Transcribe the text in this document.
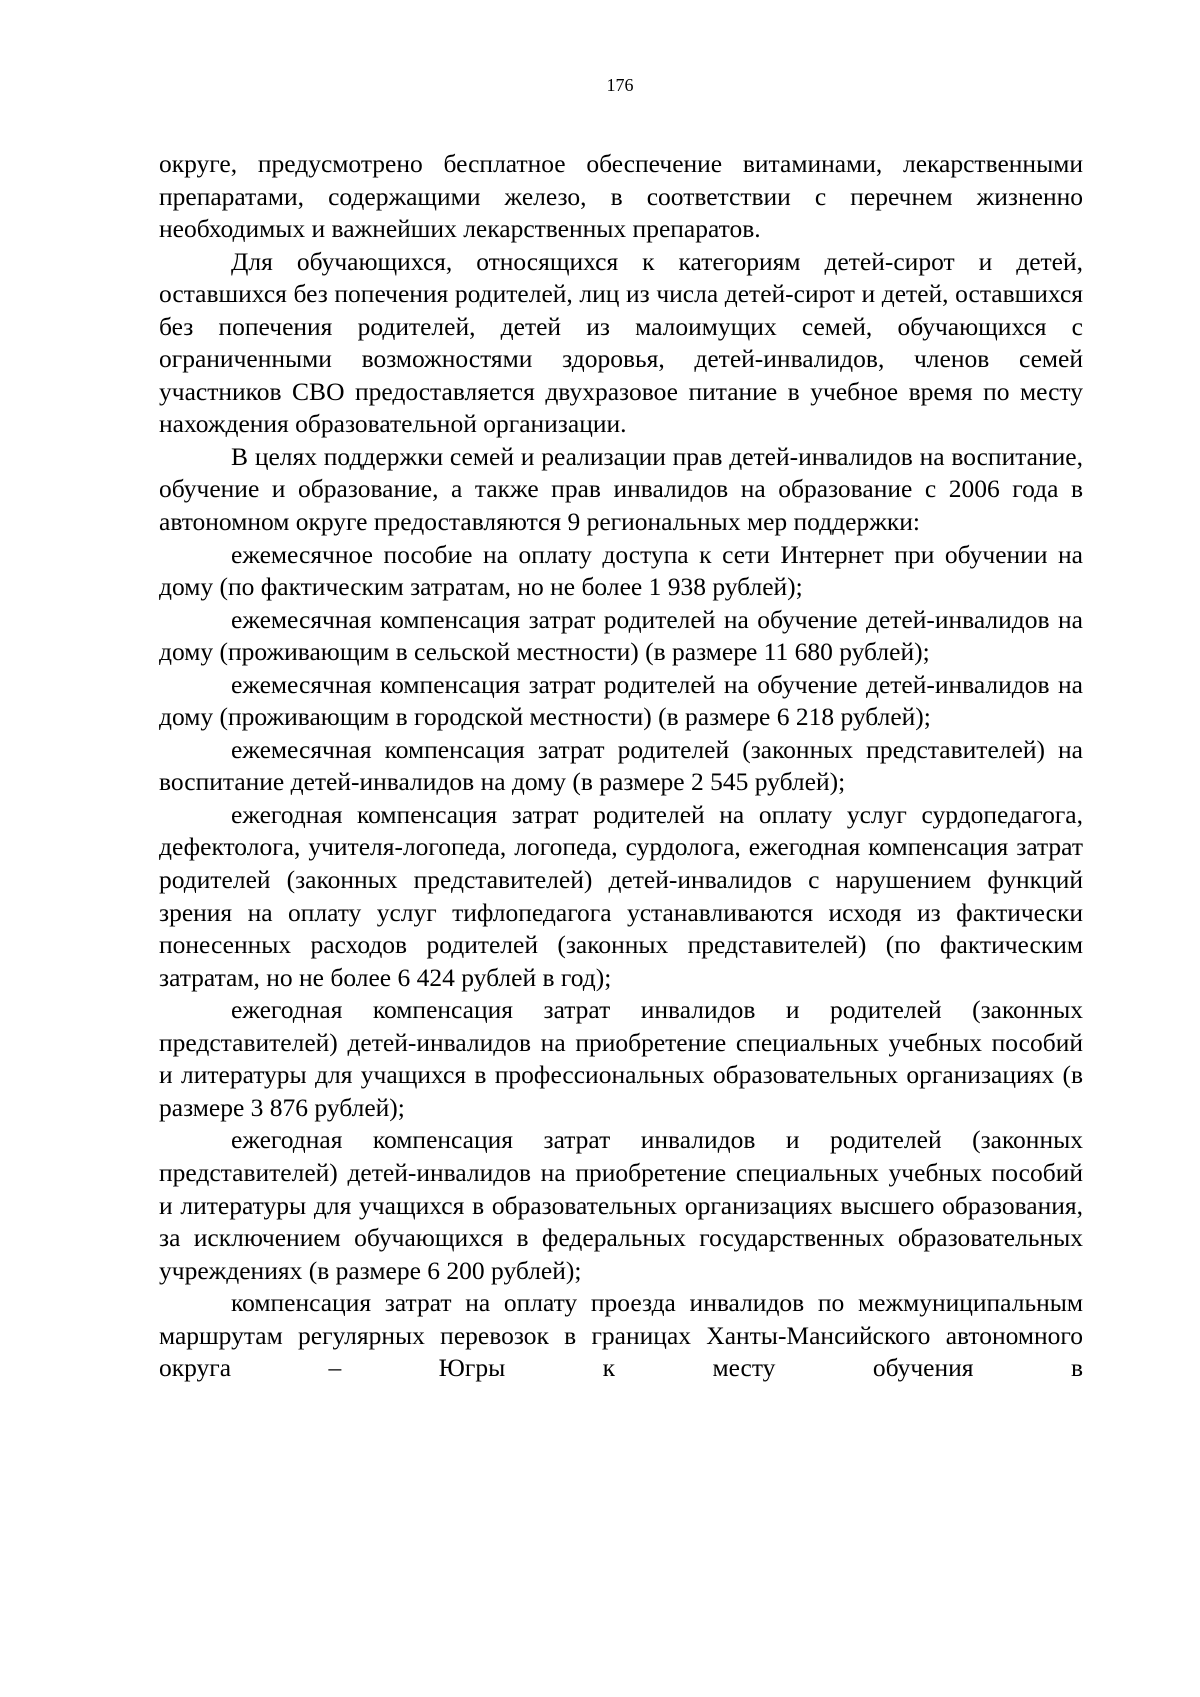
176

округе, предусмотрено бесплатное обеспечение витаминами, лекарственными препаратами, содержащими железо, в соответствии с перечнем жизненно необходимых и важнейших лекарственных препаратов.

Для обучающихся, относящихся к категориям детей-сирот и детей, оставшихся без попечения родителей, лиц из числа детей-сирот и детей, оставшихся без попечения родителей, детей из малоимущих семей, обучающихся с ограниченными возможностями здоровья, детей-инвалидов, членов семей участников СВО предоставляется двухразовое питание в учебное время по месту нахождения образовательной организации.

В целях поддержки семей и реализации прав детей-инвалидов на воспитание, обучение и образование, а также прав инвалидов на образование с 2006 года в автономном округе предоставляются 9 региональных мер поддержки:

ежемесячное пособие на оплату доступа к сети Интернет при обучении на дому (по фактическим затратам, но не более 1 938 рублей);

ежемесячная компенсация затрат родителей на обучение детей-инвалидов на дому (проживающим в сельской местности) (в размере 11 680 рублей);

ежемесячная компенсация затрат родителей на обучение детей-инвалидов на дому (проживающим в городской местности) (в размере 6 218 рублей);

ежемесячная компенсация затрат родителей (законных представителей) на воспитание детей-инвалидов на дому (в размере 2 545 рублей);

ежегодная компенсация затрат родителей на оплату услуг сурдопедагога, дефектолога, учителя-логопеда, логопеда, сурдолога, ежегодная компенсация затрат родителей (законных представителей) детей-инвалидов с нарушением функций зрения на оплату услуг тифлопедагога устанавливаются исходя из фактически понесенных расходов родителей (законных представителей) (по фактическим затратам, но не более 6 424 рублей в год);

ежегодная компенсация затрат инвалидов и родителей (законных представителей) детей-инвалидов на приобретение специальных учебных пособий и литературы для учащихся в профессиональных образовательных организациях (в размере 3 876 рублей);

ежегодная компенсация затрат инвалидов и родителей (законных представителей) детей-инвалидов на приобретение специальных учебных пособий и литературы для учащихся в образовательных организациях высшего образования, за исключением обучающихся в федеральных государственных образовательных учреждениях (в размере 6 200 рублей);

компенсация затрат на оплату проезда инвалидов по межмуниципальным маршрутам регулярных перевозок в границах Ханты-Мансийского автономного округа – Югры к месту обучения в
